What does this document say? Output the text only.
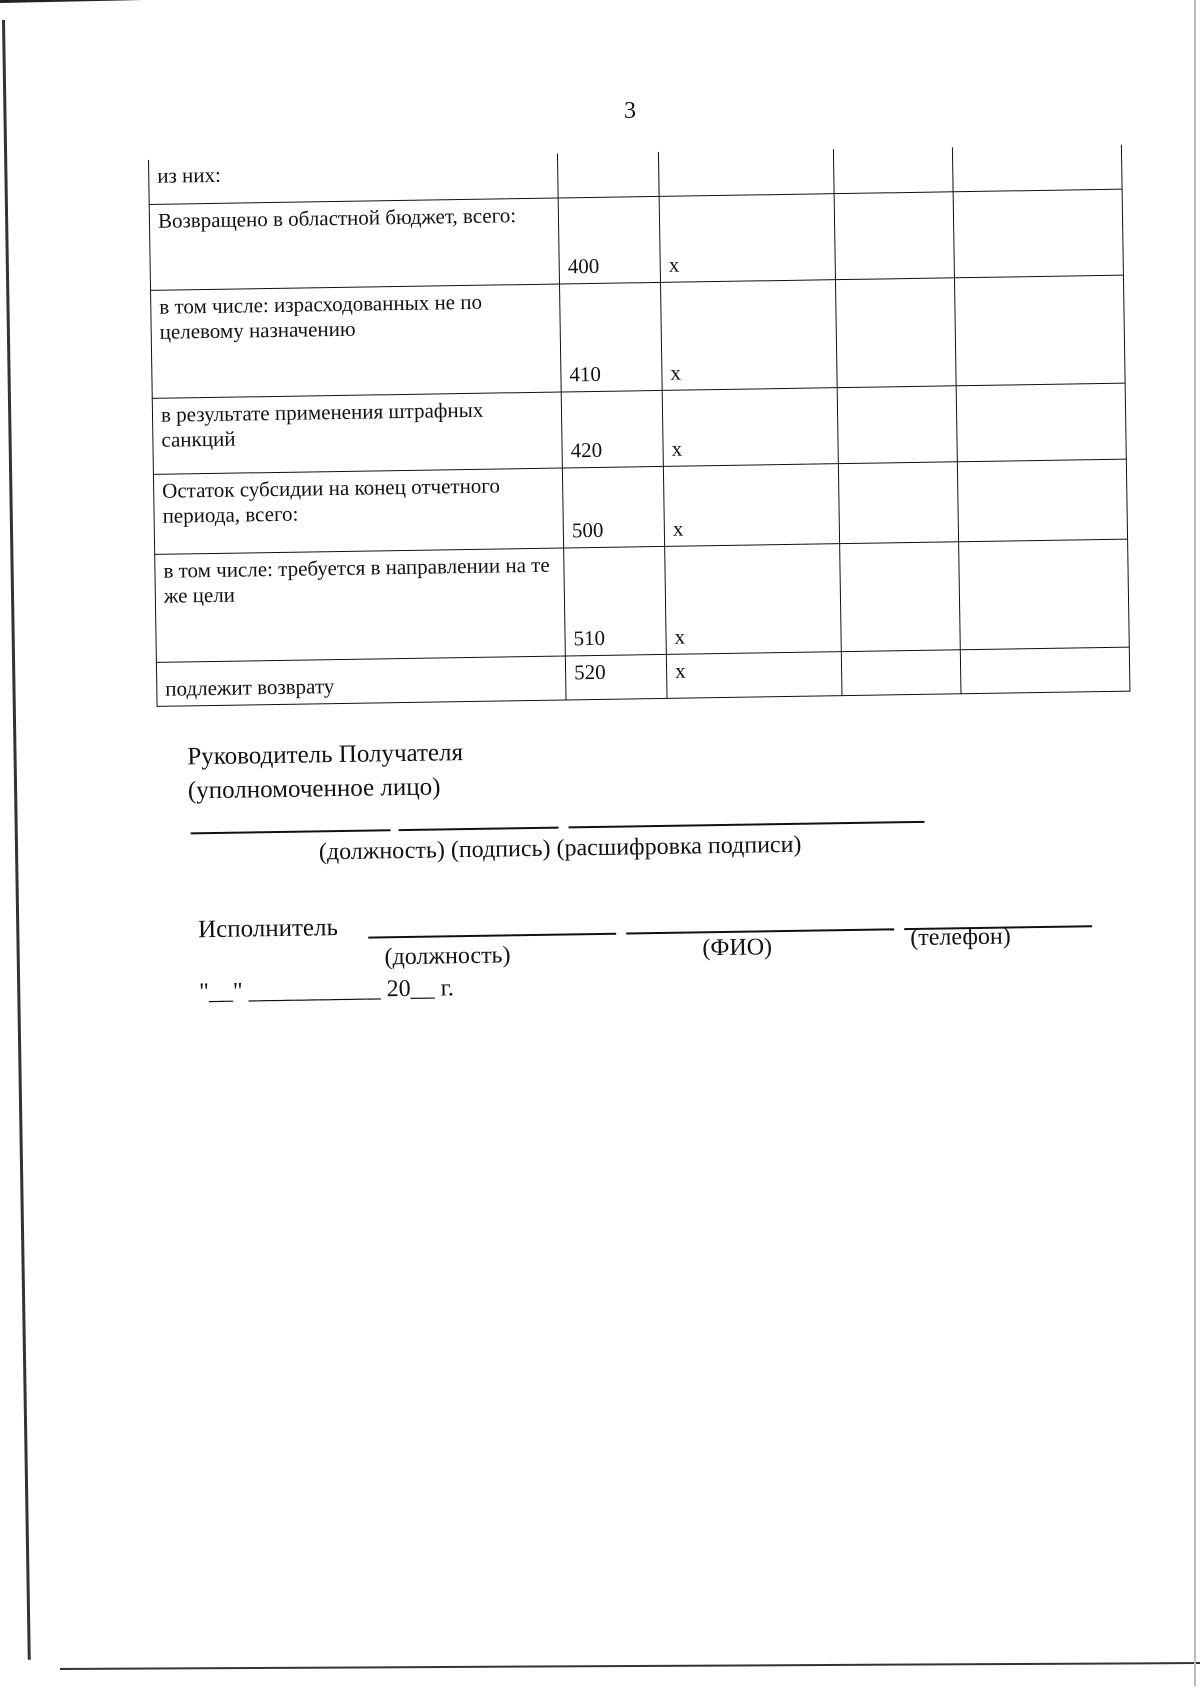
3
из них:				
Возвращено в областной бюджет, всего:	400	x		
в том числе: израсходованных не по целевому назначению	410	x		
в результате применения штрафных санкций	420	x		
Остаток субсидии на конец отчетного периода, всего:	500	x		
в том числе: требуется в направлении на те же цели	510	x		
подлежит возврату	520	x		
Руководитель Получателя
(уполномоченное лицо)
(должность) (подпись) (расшифровка подписи)
Исполнитель
(должность)	(ФИО)	(телефон)
"__" ___________ 20__ г.
